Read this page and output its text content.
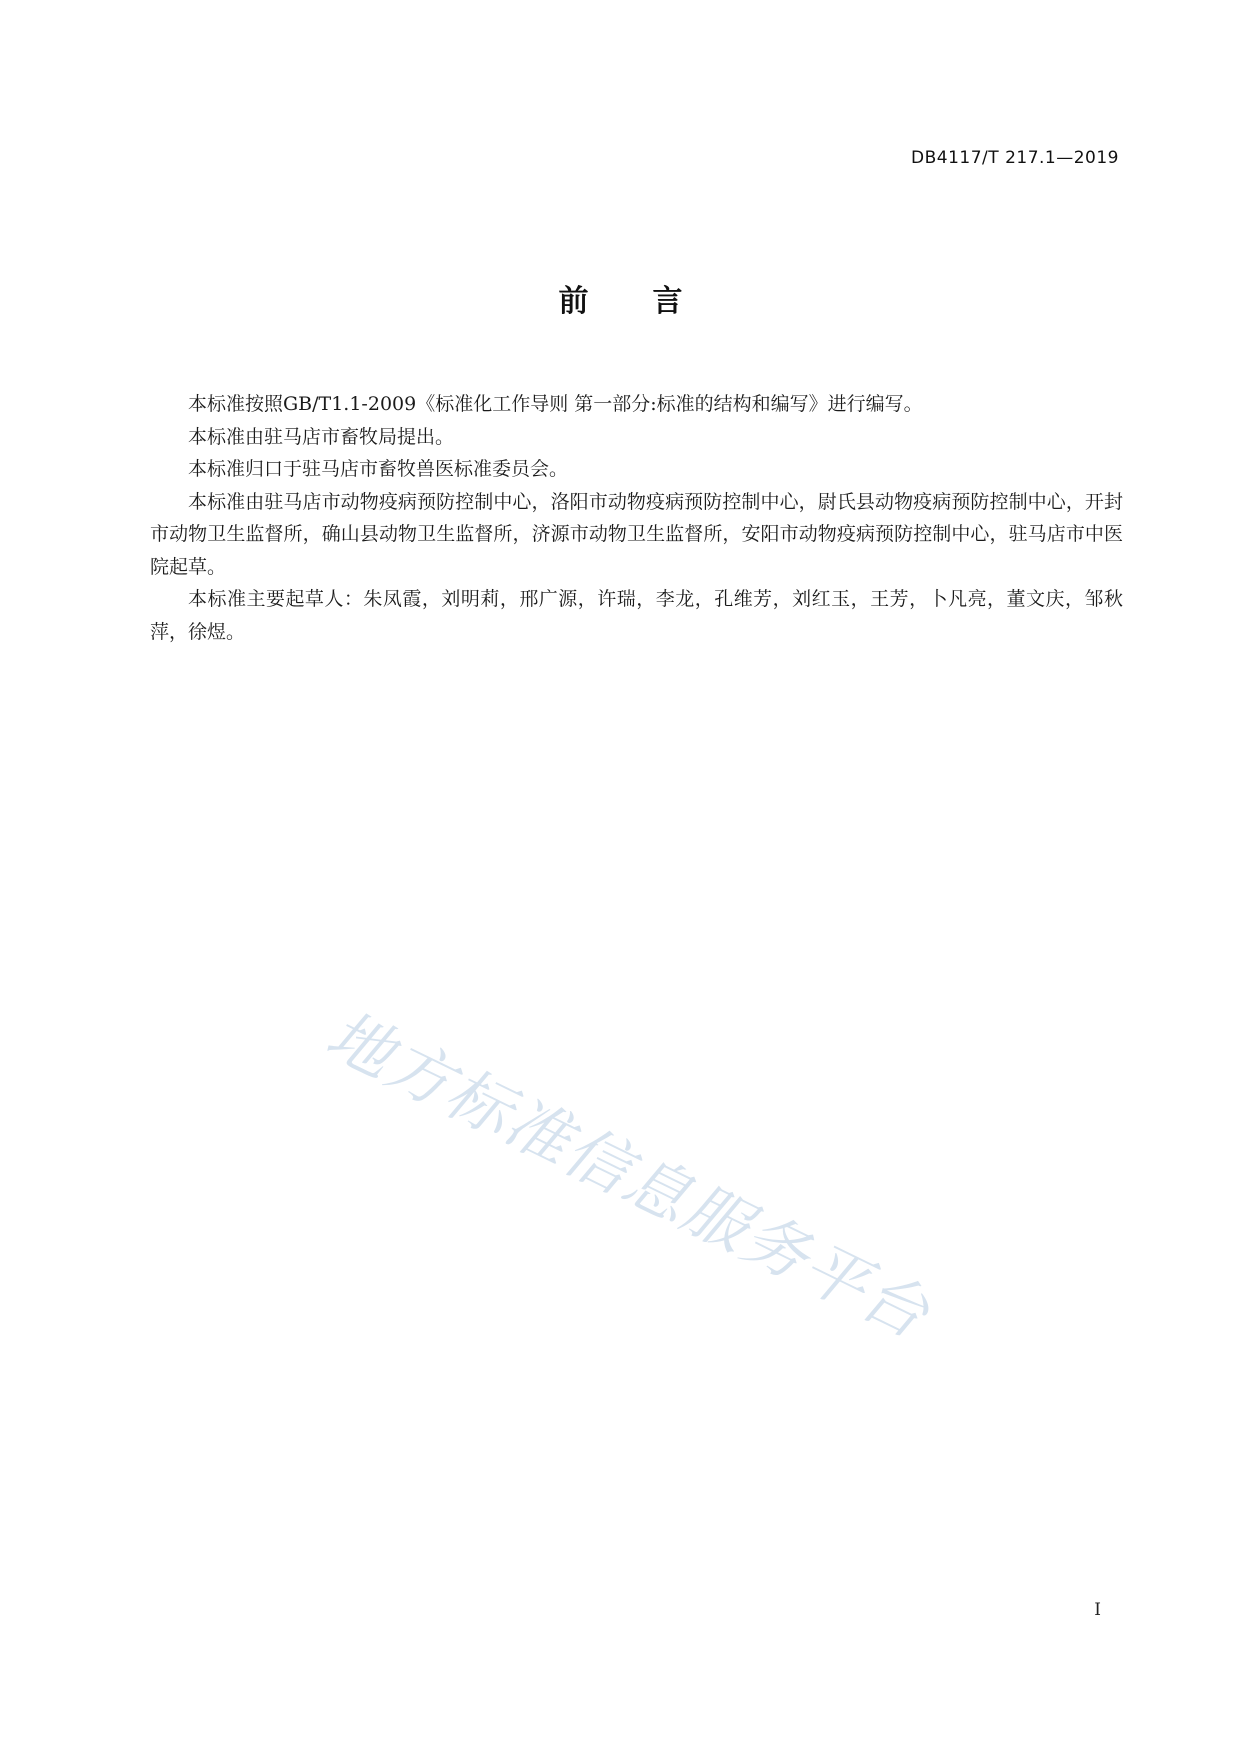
DB4117/T 217.1—2019
前 言

本标准按照GB/T1.1-2009《标准化工作导则 第一部分:标准的结构和编写》进行编写。

本标准由驻马店市畜牧局提出。

本标准归口于驻马店市畜牧兽医标准委员会。

本标准由驻马店市动物疫病预防控制中心，洛阳市动物疫病预防控制中心，尉氏县动物疫病预防控制中心，开封市动物卫生监督所，确山县动物卫生监督所，济源市动物卫生监督所，安阳市动物疫病预防控制中心，驻马店市中医院起草。

本标准主要起草人：朱凤霞，刘明莉，邢广源，许瑞，李龙，孔维芳，刘红玉，王芳，卜凡亮，董文庆，邹秋萍，徐煜。

地方标准信息服务平台
I
